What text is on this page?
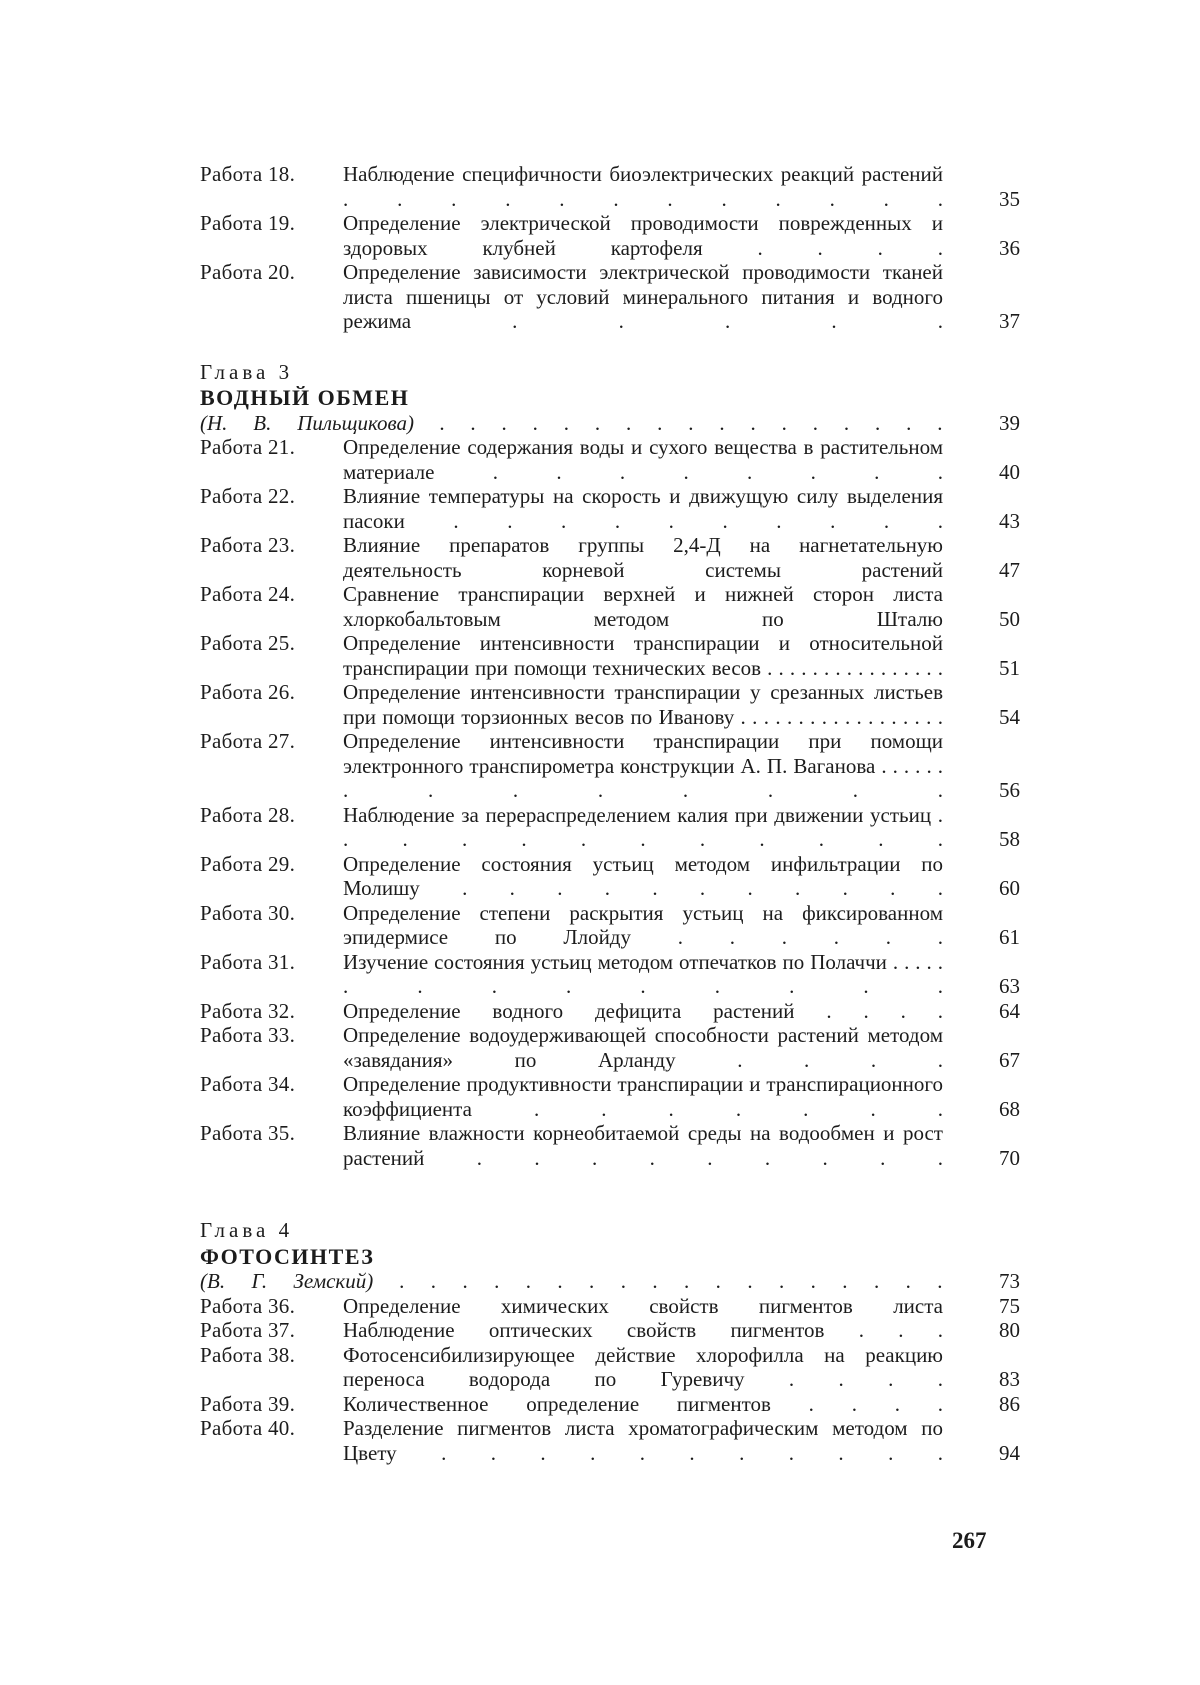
Работа 18.	Наблюдение специфичности биоэлектрических реакций растений . . . . . . . . . . . .	35
Работа 19.	Определение электрической проводимости поврежденных и здоровых клубней картофеля . . . .	36
Работа 20.	Определение зависимости электрической проводимости тканей листа пшеницы от условий минерального питания и водного режима . . . . .	37
Глава 3
ВОДНЫЙ ОБМЕН
(Н. В. Пильщикова) . . . . . . . . . . . . . . . . .	39
Работа 21.	Определение содержания воды и сухого вещества в растительном материале . . . . . . . .	40
Работа 22.	Влияние температуры на скорость и движущую силу выделения пасоки . . . . . . . . . .	43
Работа 23.	Влияние препаратов группы 2,4-Д на нагнетательную деятельность корневой системы растений	47
Работа 24.	Сравнение транспирации верхней и нижней сторон листа хлоркобальтовым методом по Шталю	50
Работа 25.	Определение интенсивности транспирации и относительной транспирации при помощи технических весов . . . . . . . . . . . . . . . .	51
Работа 26.	Определение интенсивности транспирации у срезанных листьев при помощи торзионных весов по Иванову . . . . . . . . . . . . . . . . . .	54
Работа 27.	Определение интенсивности транспирации при помощи электронного транспирометра конструкции А. П. Ваганова . . . . . . . . . . . . . .	56
Работа 28.	Наблюдение за перераспределением калия при движении устьиц . . . . . . . . . . . .	58
Работа 29.	Определение состояния устьиц методом инфильтрации по Молишу . . . . . . . . . . .	60
Работа 30.	Определение степени раскрытия устьиц на фиксированном эпидермисе по Ллойду . . . . . .	61
Работа 31.	Изучение состояния устьиц методом отпечатков по Полаччи . . . . . . . . . . . . . .	63
Работа 32.	Определение водного дефицита растений . . . .	64
Работа 33.	Определение водоудерживающей способности растений методом «завядания» по Арланду . . . .	67
Работа 34.	Определение продуктивности транспирации и транспирационного коэффициента . . . . . . .	68
Работа 35.	Влияние влажности корнеобитаемой среды на водообмен и рост растений . . . . . . . . .	70
Глава 4
ФОТОСИНТЕЗ
(В. Г. Земский) . . . . . . . . . . . . . . . . . .	73
Работа 36.	Определение химических свойств пигментов листа	75
Работа 37.	Наблюдение оптических свойств пигментов . . .	80
Работа 38.	Фотосенсибилизирующее действие хлорофилла на реакцию переноса водорода по Гуревичу . . . .	83
Работа 39.	Количественное определение пигментов . . . .	86
Работа 40.	Разделение пигментов листа хроматографическим методом по Цвету . . . . . . . . . . .	94
267
